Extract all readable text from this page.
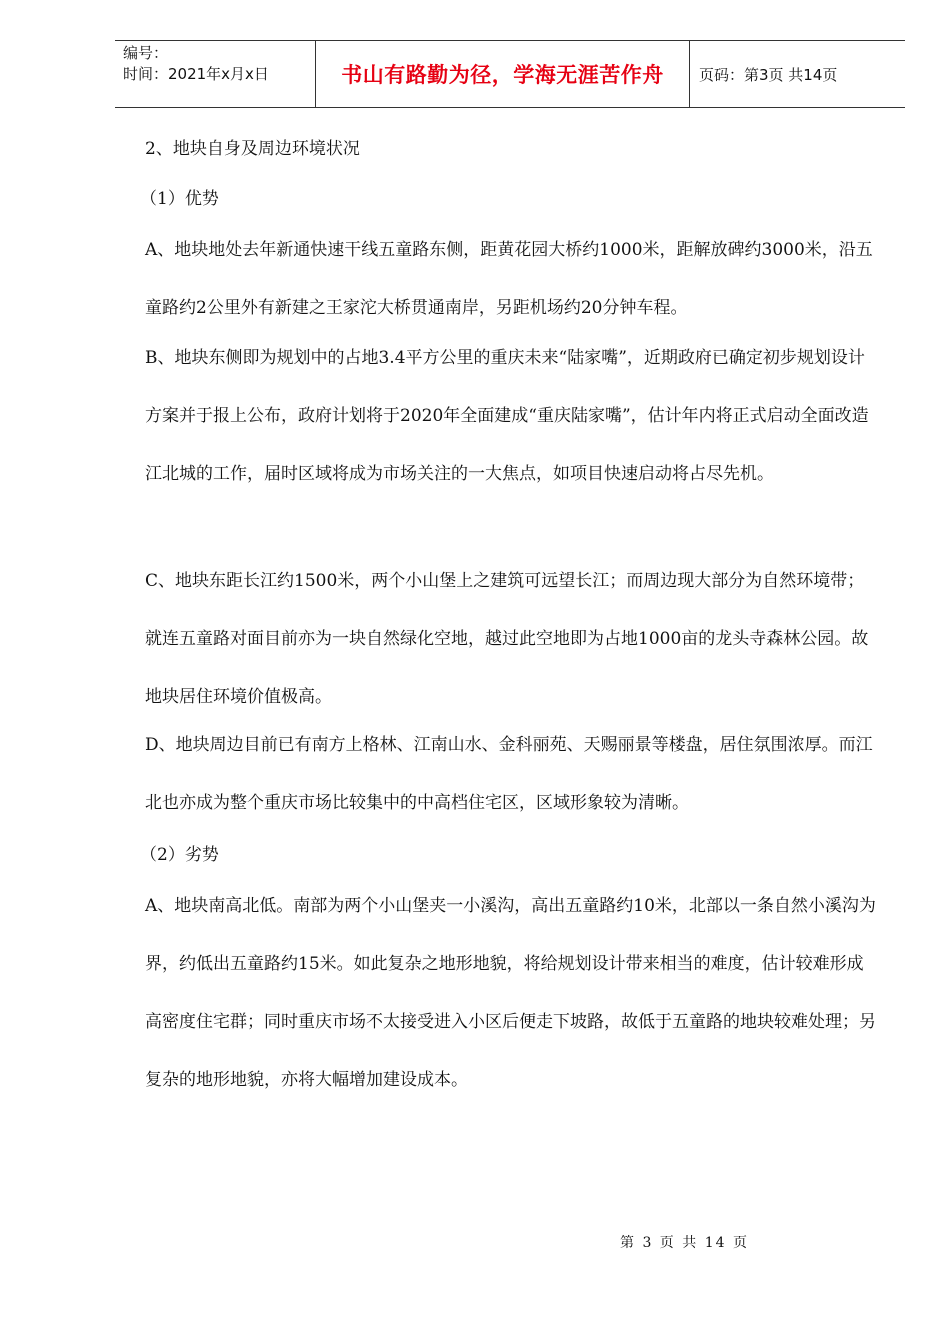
编号：
时间：2021年x月x日	书山有路勤为径，学海无涯苦作舟	页码：第3页 共14页
2、地块自身及周边环境状况
（1）优势
A、地块地处去年新通快速干线五童路东侧，距黄花园大桥约1000米，距解放碑约3000米，沿五童路约2公里外有新建之王家沱大桥贯通南岸，另距机场约20分钟车程。
B、地块东侧即为规划中的占地3.4平方公里的重庆未来“陆家嘴”，近期政府已确定初步规划设计方案并于报上公布，政府计划将于2020年全面建成“重庆陆家嘴”，估计年内将正式启动全面改造江北城的工作，届时区域将成为市场关注的一大焦点，如项目快速启动将占尽先机。
C、地块东距长江约1500米，两个小山堡上之建筑可远望长江；而周边现大部分为自然环境带；就连五童路对面目前亦为一块自然绿化空地，越过此空地即为占地1000亩的龙头寺森林公园。故地块居住环境价值极高。
D、地块周边目前已有南方上格林、江南山水、金科丽苑、天赐丽景等楼盘，居住氛围浓厚。而江北也亦成为整个重庆市场比较集中的中高档住宅区，区域形象较为清晰。
（2）劣势
A、地块南高北低。南部为两个小山堡夹一小溪沟，高出五童路约10米，北部以一条自然小溪沟为界，约低出五童路约15米。如此复杂之地形地貌，将给规划设计带来相当的难度，估计较难形成高密度住宅群；同时重庆市场不太接受进入小区后便走下坡路，故低于五童路的地块较难处理；另复杂的地形地貌，亦将大幅增加建设成本。
第 3 页 共 14 页
